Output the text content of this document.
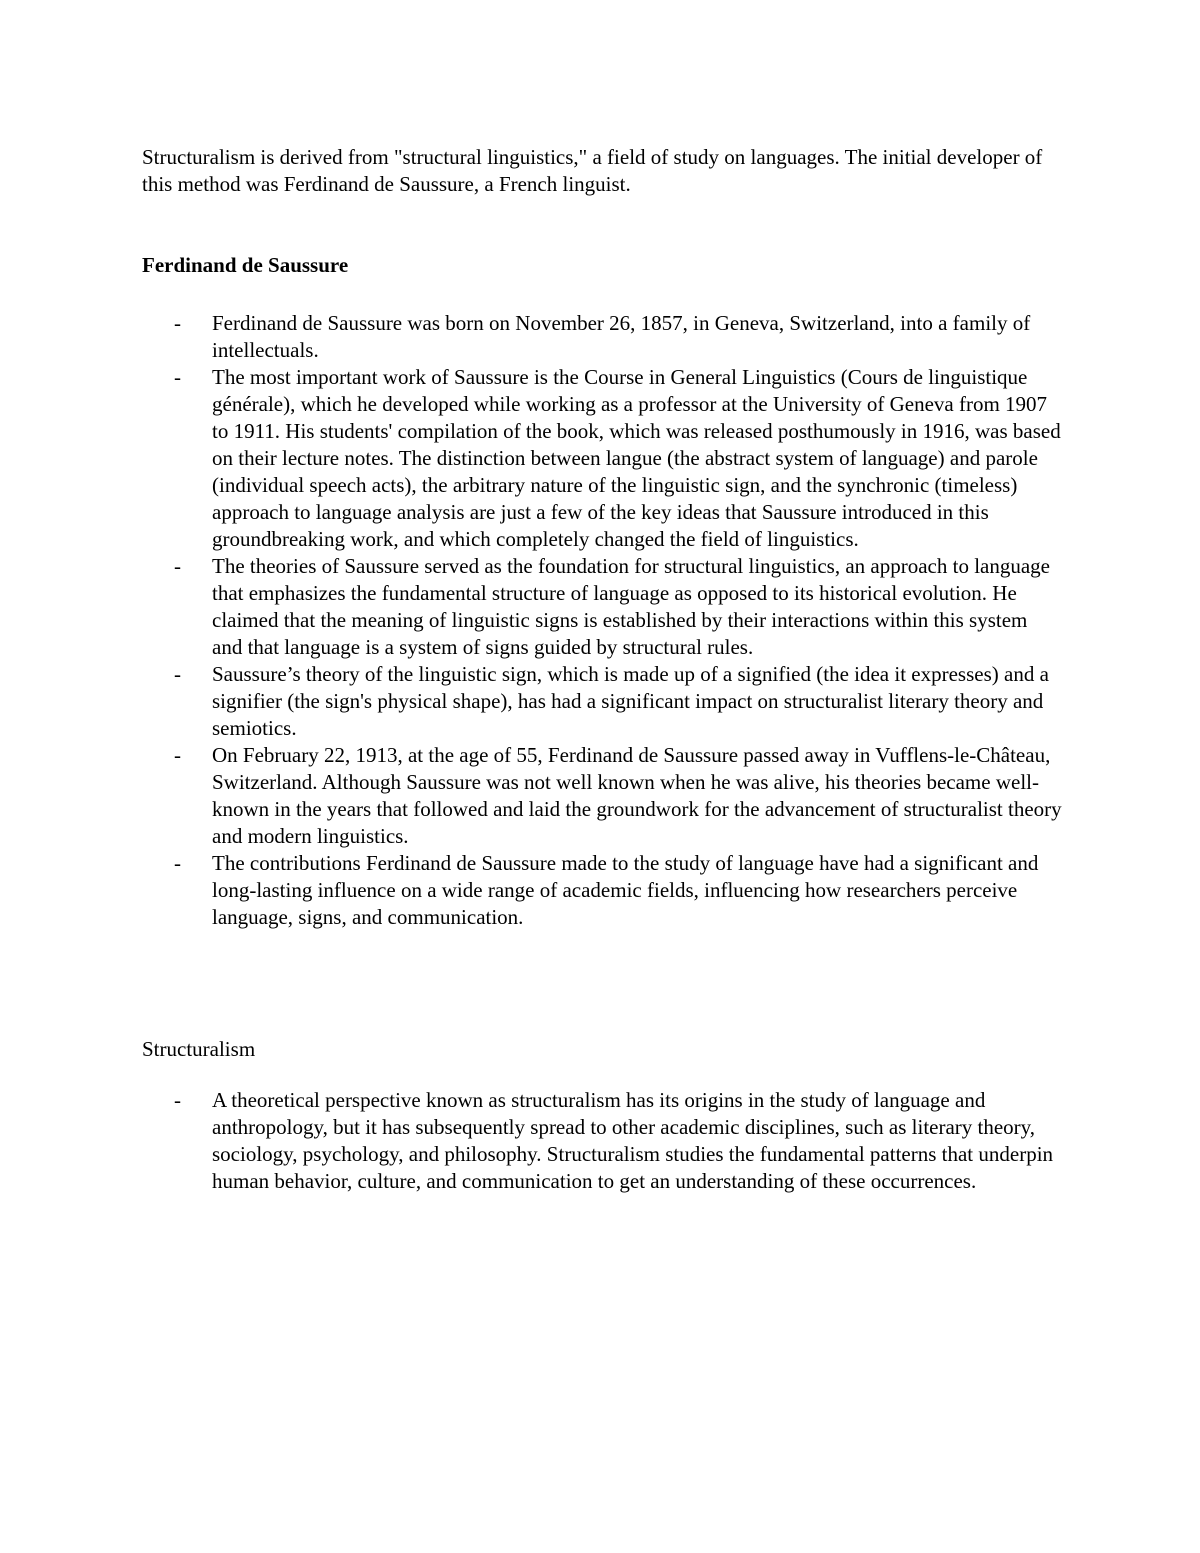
Structuralism is derived from "structural linguistics," a field of study on languages. The initial developer of this method was Ferdinand de Saussure, a French linguist.

Ferdinand de Saussure
- Ferdinand de Saussure was born on November 26, 1857, in Geneva, Switzerland, into a family of intellectuals.
- The most important work of Saussure is the Course in General Linguistics (Cours de linguistique générale), which he developed while working as a professor at the University of Geneva from 1907 to 1911. His students' compilation of the book, which was released posthumously in 1916, was based on their lecture notes. The distinction between langue (the abstract system of language) and parole (individual speech acts), the arbitrary nature of the linguistic sign, and the synchronic (timeless) approach to language analysis are just a few of the key ideas that Saussure introduced in this groundbreaking work, and which completely changed the field of linguistics.
- The theories of Saussure served as the foundation for structural linguistics, an approach to language that emphasizes the fundamental structure of language as opposed to its historical evolution. He claimed that the meaning of linguistic signs is established by their interactions within this system and that language is a system of signs guided by structural rules.
- Saussure’s theory of the linguistic sign, which is made up of a signified (the idea it expresses) and a signifier (the sign's physical shape), has had a significant impact on structuralist literary theory and semiotics.
- On February 22, 1913, at the age of 55, Ferdinand de Saussure passed away in Vufflens-le-Château, Switzerland. Although Saussure was not well known when he was alive, his theories became well-known in the years that followed and laid the groundwork for the advancement of structuralist theory and modern linguistics.
- The contributions Ferdinand de Saussure made to the study of language have had a significant and long-lasting influence on a wide range of academic fields, influencing how researchers perceive language, signs, and communication.
Structuralism
- A theoretical perspective known as structuralism has its origins in the study of language and anthropology, but it has subsequently spread to other academic disciplines, such as literary theory, sociology, psychology, and philosophy. Structuralism studies the fundamental patterns that underpin human behavior, culture, and communication to get an understanding of these occurrences.
